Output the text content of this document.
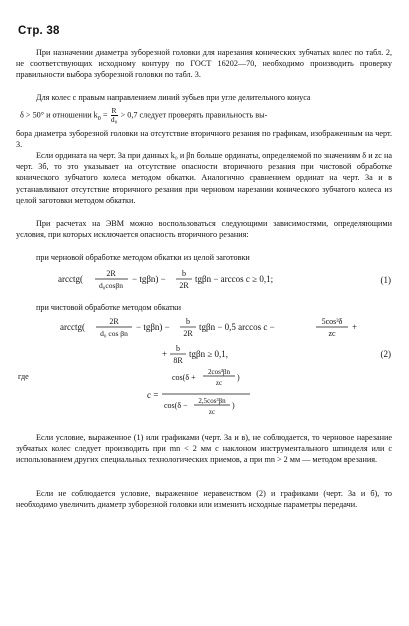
Стр. 38
При назначении диаметра зуборезной головки для нарезания конических зубчатых колес по табл. 2, не соответствующих исходному контуру по ГОСТ 16202—70, необходимо производить проверку правильности выбора зуборезной головки по табл. 3.
Для колес с правым направлением линий зубьев при угле делительного конуса
δ > 50° и отношении $k_0 = \frac{R}{\text{d₀}} > 0,7$ следует проверять правильность вы-
бора диаметра зуборезной головки на отсутствие вторичного резания по графикам, изображенным на черт. 3.
Если ордината на черт. 3а при данных k₀ и βn больше ординаты, определяемой по значениям δ и zc на черт. 3б, то это указывает на отсутствие опасности вторичного резания при чистовой обработке конического зубчатого колеса методом обкатки. Аналогично сравнением ординат на черт. 3а и в устанавливают отсутствие вторичного резания при черновом нарезании конического зубчатого колеса из целой заготовки методом обкатки.
При расчетах на ЭВМ можно воспользоваться следующими зависимостями, определяющими условия, при которых исключается опасность вторичного резания:
при черновой обработке методом обкатки из целой заготовки
arcctg(
2R
d₀cosβn
− tgβn) −
b
2R
tgβn − arccos c ≥ 0,1;	(1)
при чистовой обработке методом обкатки
arcctg(
2R
d₀ cos βn
− tgβn) −
b
2R
tgβn − 0,5 arccos c −
5cos³δ
zc
+
+
b
8R
tgβn ≥ 0,1,	(2)
где
c =
cos(δ +
2cos³βn
zc
)
cos(δ − 2,5cos³βn
zc
)
Если условие, выраженное (1) или графиками (черт. 3а и в), не соблюдается, то черновое нарезание зубчатых колес следует производить при mn < 2 мм с наклоном инструментального шпинделя или с использованием других специальных технологических приемов, а при mn > 2 мм — методом врезания.
Если не соблюдается условие, выраженное неравенством (2) и графиками (черт. 3а и б), то необходимо увеличить диаметр зуборезной головки или изменить исходные параметры передачи.
